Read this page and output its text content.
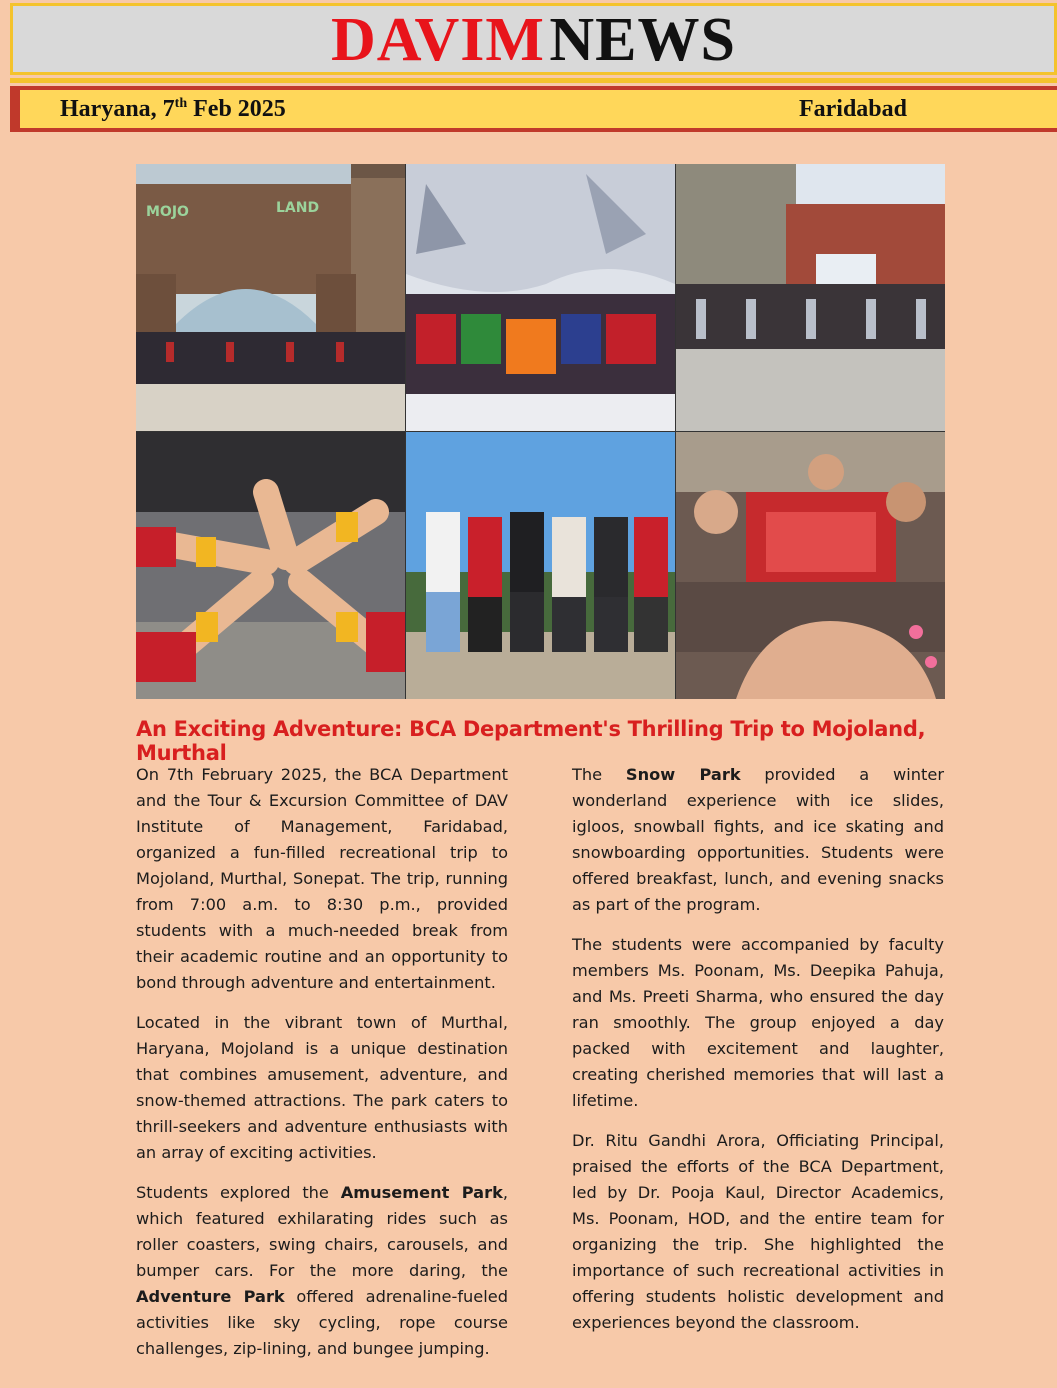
DAVIM NEWS
Haryana, 7th Feb 2025	Faridabad
MOJO	LAND
An Exciting Adventure: BCA Department's Thrilling Trip to Mojoland, Murthal

On 7th February 2025, the BCA Department and the Tour & Excursion Committee of DAV Institute of Management, Faridabad, organized a fun-filled recreational trip to Mojoland, Murthal, Sonepat. The trip, running from 7:00 a.m. to 8:30 p.m., provided students with a much-needed break from their academic routine and an opportunity to bond through adventure and entertainment.

Located in the vibrant town of Murthal, Haryana, Mojoland is a unique destination that combines amusement, adventure, and snow-themed attractions. The park caters to thrill-seekers and adventure enthusiasts with an array of exciting activities.

Students explored the Amusement Park, which featured exhilarating rides such as roller coasters, swing chairs, carousels, and bumper cars. For the more daring, the Adventure Park offered adrenaline-fueled activities like sky cycling, rope course challenges, zip-lining, and bungee jumping.

The Snow Park provided a winter wonderland experience with ice slides, igloos, snowball fights, and ice skating and snowboarding opportunities. Students were offered breakfast, lunch, and evening snacks as part of the program.

The students were accompanied by faculty members Ms. Poonam, Ms. Deepika Pahuja, and Ms. Preeti Sharma, who ensured the day ran smoothly. The group enjoyed a day packed with excitement and laughter, creating cherished memories that will last a lifetime.

Dr. Ritu Gandhi Arora, Officiating Principal, praised the efforts of the BCA Department, led by Dr. Pooja Kaul, Director Academics, Ms. Poonam, HOD, and the entire team for organizing the trip. She highlighted the importance of such recreational activities in offering students holistic development and experiences beyond the classroom.
